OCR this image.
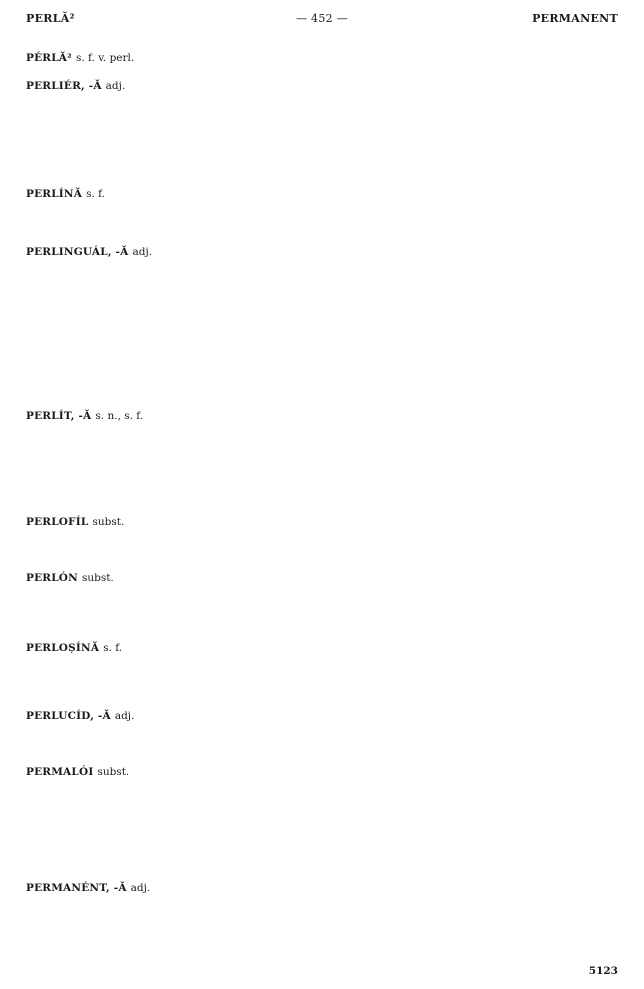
PERLĂ²	— 452 —	PERMANENT
PÉRLĂ² s. f. v. perl.
PERLIÉR, -Ă adj.
PERLÍNĂ s. f.
PERLINGUÁL, -Ă adj.
PERLÍT, -Ă s. n., s. f.
PERLOFÍL subst.
PERLÓN subst.
PERLOȘÍNĂ s. f.
PERLUCÍD, -Ă adj.
PERMALÓI subst.
PERMANÉNT, -Ă adj.
5123
